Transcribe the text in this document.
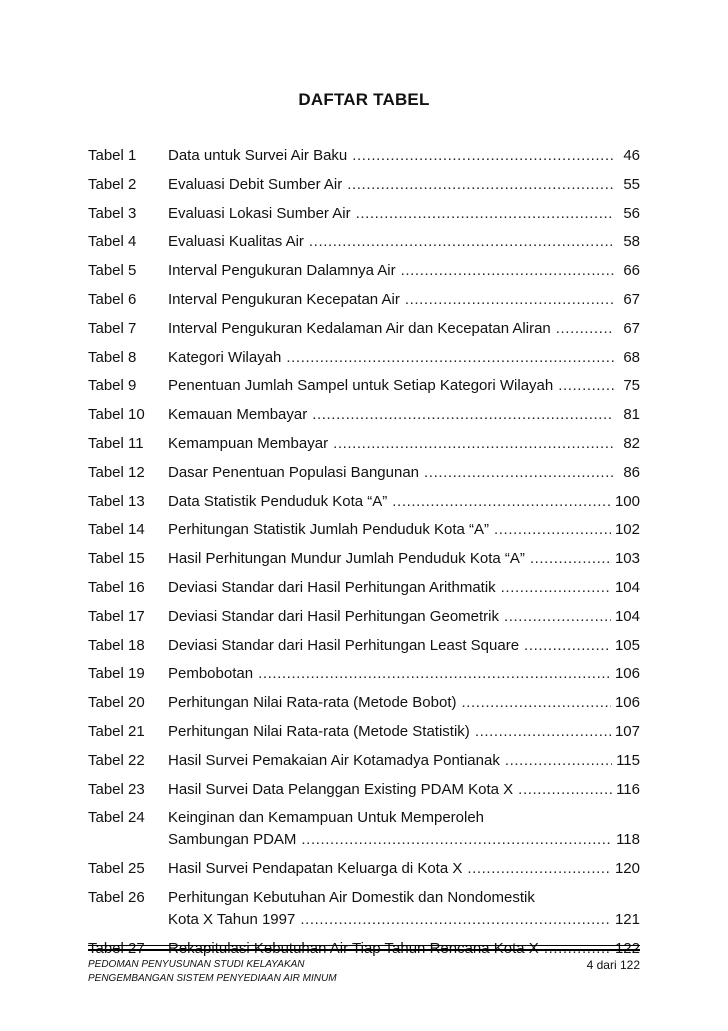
DAFTAR TABEL
Tabel 1	Data untuk Survei Air Baku .....	46
Tabel 2	Evaluasi Debit Sumber Air .....	55
Tabel 3	Evaluasi Lokasi Sumber Air .....	56
Tabel 4	Evaluasi Kualitas Air .....	58
Tabel 5	Interval Pengukuran Dalamnya Air .....	66
Tabel 6	Interval Pengukuran Kecepatan Air .....	67
Tabel 7	Interval Pengukuran Kedalaman Air dan Kecepatan Aliran .....	67
Tabel 8	Kategori Wilayah .....	68
Tabel 9	Penentuan Jumlah Sampel untuk Setiap Kategori Wilayah .....	75
Tabel 10	Kemauan Membayar .....	81
Tabel 11	Kemampuan Membayar .....	82
Tabel 12	Dasar Penentuan Populasi Bangunan .....	86
Tabel 13	Data Statistik Penduduk Kota “A” .....	100
Tabel 14	Perhitungan Statistik Jumlah Penduduk Kota “A” .....	102
Tabel 15	Hasil Perhitungan Mundur Jumlah Penduduk Kota “A” .....	103
Tabel 16	Deviasi Standar dari Hasil Perhitungan Arithmatik .....	104
Tabel 17	Deviasi Standar dari Hasil Perhitungan Geometrik .....	104
Tabel 18	Deviasi Standar dari Hasil Perhitungan Least Square .....	105
Tabel 19	Pembobotan .....	106
Tabel 20	Perhitungan Nilai Rata-rata (Metode Bobot) .....	106
Tabel 21	Perhitungan Nilai Rata-rata (Metode Statistik) .....	107
Tabel 22	Hasil Survei Pemakaian Air Kotamadya Pontianak .....	115
Tabel 23	Hasil Survei Data Pelanggan Existing PDAM Kota X .....	116
Tabel 24	Keinginan dan Kemampuan Untuk Memperoleh
Sambungan PDAM .....	118
Tabel 25	Hasil Survei Pendapatan Keluarga di Kota X .....	120
Tabel 26	Perhitungan Kebutuhan Air Domestik dan Nondomestik
Kota X Tahun 1997 .....	121
Tabel 27	Rekapitulasi Kebutuhan Air Tiap Tahun Rencana Kota X .....	122
PEDOMAN PENYUSUNAN STUDI KELAYAKAN
PENGEMBANGAN SISTEM PENYEDIAAN AIR MINUM
4 dari 122
